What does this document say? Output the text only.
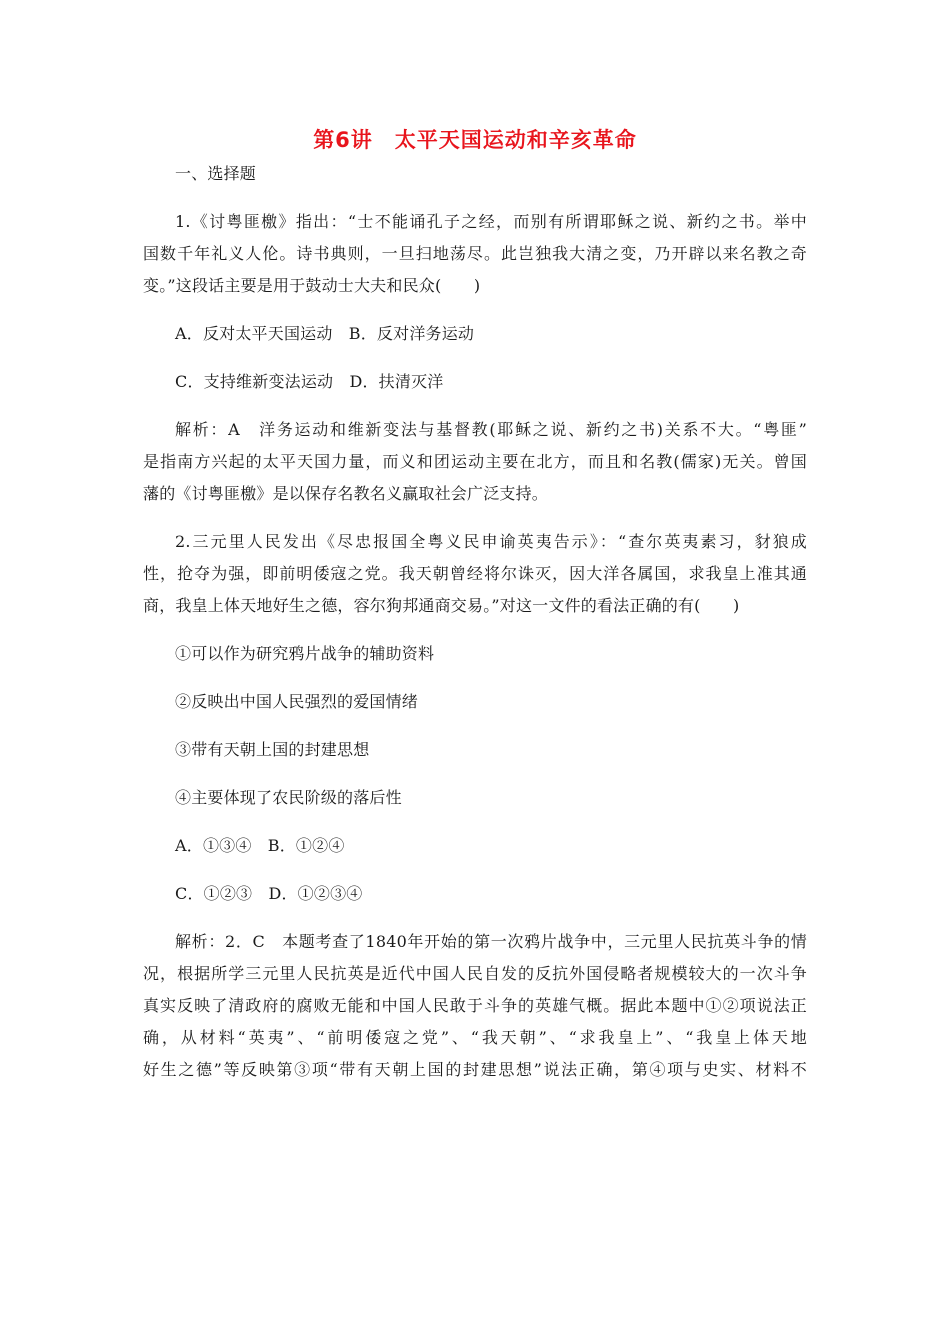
第6讲　太平天国运动和辛亥革命
一、选择题
1.《讨粤匪檄》指出：“士不能诵孔子之经，而别有所谓耶稣之说、新约之书。举中
国数千年礼义人伦。诗书典则，一旦扫地荡尽。此岂独我大清之变，乃开辟以来名教之奇
变。”这段话主要是用于鼓动士大夫和民众(　　)
A．反对太平天国运动　B．反对洋务运动
C．支持维新变法运动　D．扶清灭洋
解析：A　洋务运动和维新变法与基督教(耶稣之说、新约之书)关系不大。“粤匪”
是指南方兴起的太平天国力量，而义和团运动主要在北方，而且和名教(儒家)无关。曾国
藩的《讨粤匪檄》是以保存名教名义赢取社会广泛支持。
2.三元里人民发出《尽忠报国全粤义民申谕英夷告示》：“查尔英夷素习，豺狼成
性，抢夺为强，即前明倭寇之党。我天朝曾经将尔诛灭，因大洋各属国，求我皇上准其通
商，我皇上体天地好生之德，容尔狗邦通商交易。”对这一文件的看法正确的有(　　)
①可以作为研究鸦片战争的辅助资料
②反映出中国人民强烈的爱国情绪
③带有天朝上国的封建思想
④主要体现了农民阶级的落后性
A．①③④　B．①②④
C．①②③　D．①②③④
解析：2．C　本题考查了1840年开始的第一次鸦片战争中，三元里人民抗英斗争的情
况，根据所学三元里人民抗英是近代中国人民自发的反抗外国侵略者规模较大的一次斗争
真实反映了清政府的腐败无能和中国人民敢于斗争的英雄气概。据此本题中①②项说法正
确，从材料“英夷”、“前明倭寇之党”、“我天朝”、“求我皇上”、“我皇上体天地
好生之德”等反映第③项“带有天朝上国的封建思想”说法正确，第④项与史实、材料不
